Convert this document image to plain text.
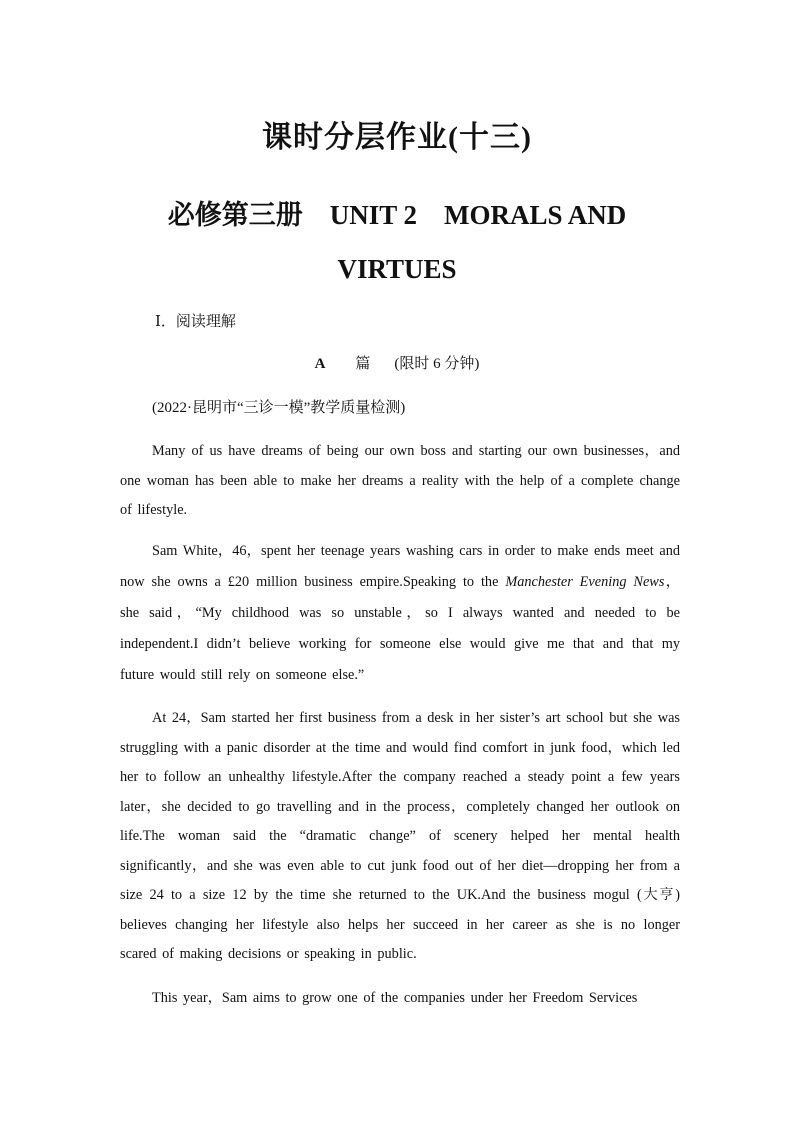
课时分层作业(十三)
必修第三册　UNIT 2　MORALS AND
VIRTUES
Ⅰ．阅读理解
A 篇 (限时 6 分钟)
(2022·昆明市“三诊一模”教学质量检测)

Many of us have dreams of being our own boss and starting our own businesses，and one woman has been able to make her dreams a reality with the help of a complete change of lifestyle.

Sam White，46，spent her teenage years washing cars in order to make ends meet and now she owns a £20 million business empire.Speaking to the Manchester Evening News，she said，“My childhood was so unstable，so I always wanted and needed to be independent.I didn’t believe working for someone else would give me that and that my future would still rely on someone else.”

At 24，Sam started her first business from a desk in her sister’s art school but she was struggling with a panic disorder at the time and would find comfort in junk food，which led her to follow an unhealthy lifestyle.After the company reached a steady point a few years later，she decided to go travelling and in the process，completely changed her outlook on life.The woman said the “dramatic change” of scenery helped her mental health significantly，and she was even able to cut junk food out of her diet—dropping her from a size 24 to a size 12 by the time she returned to the UK.And the business mogul (大亨) believes changing her lifestyle also helps her succeed in her career as she is no longer scared of making decisions or speaking in public.

This year，Sam aims to grow one of the companies under her Freedom Services
